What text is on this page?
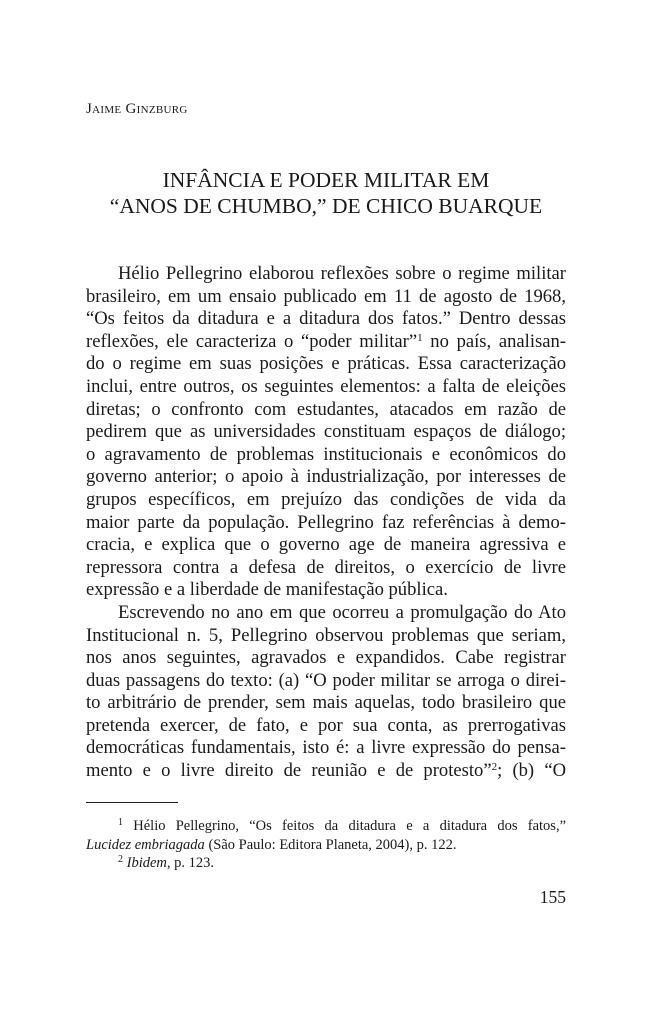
Jaime Ginzburg
INFÂNCIA E PODER MILITAR EM
“ANOS DE CHUMBO,” DE CHICO BUARQUE
Hélio Pellegrino elaborou reflexões sobre o regime militar
brasileiro, em um ensaio publicado em 11 de agosto de 1968,
“Os feitos da ditadura e a ditadura dos fatos.” Dentro dessas
reflexões, ele caracteriza o “poder militar”$^1$ no país, analisan-
do o regime em suas posições e práticas. Essa caracterização
inclui, entre outros, os seguintes elementos: a falta de eleições
diretas; o confronto com estudantes, atacados em razão de
pedirem que as universidades constituam espaços de diálogo;
o agravamento de problemas institucionais e econômicos do
governo anterior; o apoio à industrialização, por interesses de
grupos específicos, em prejuízo das condições de vida da
maior parte da população. Pellegrino faz referências à demo-
cracia, e explica que o governo age de maneira agressiva e
repressora contra a defesa de direitos, o exercício de livre
expressão e a liberdade de manifestação pública.
Escrevendo no ano em que ocorreu a promulgação do Ato
Institucional n. 5, Pellegrino observou problemas que seriam,
nos anos seguintes, agravados e expandidos. Cabe registrar
duas passagens do texto: (a) “O poder militar se arroga o direi-
to arbitrário de prender, sem mais aquelas, todo brasileiro que
pretenda exercer, de fato, e por sua conta, as prerrogativas
democráticas fundamentais, isto é: a livre expressão do pensa-
mento e o livre direito de reunião e de protesto”$^2$; (b) “O
$^1$ Hélio Pellegrino, “Os feitos da ditadura e a ditadura dos fatos,”
Lucidez embriagada (São Paulo: Editora Planeta, 2004), p. 122.
$^2$ Ibidem, p. 123.
155
